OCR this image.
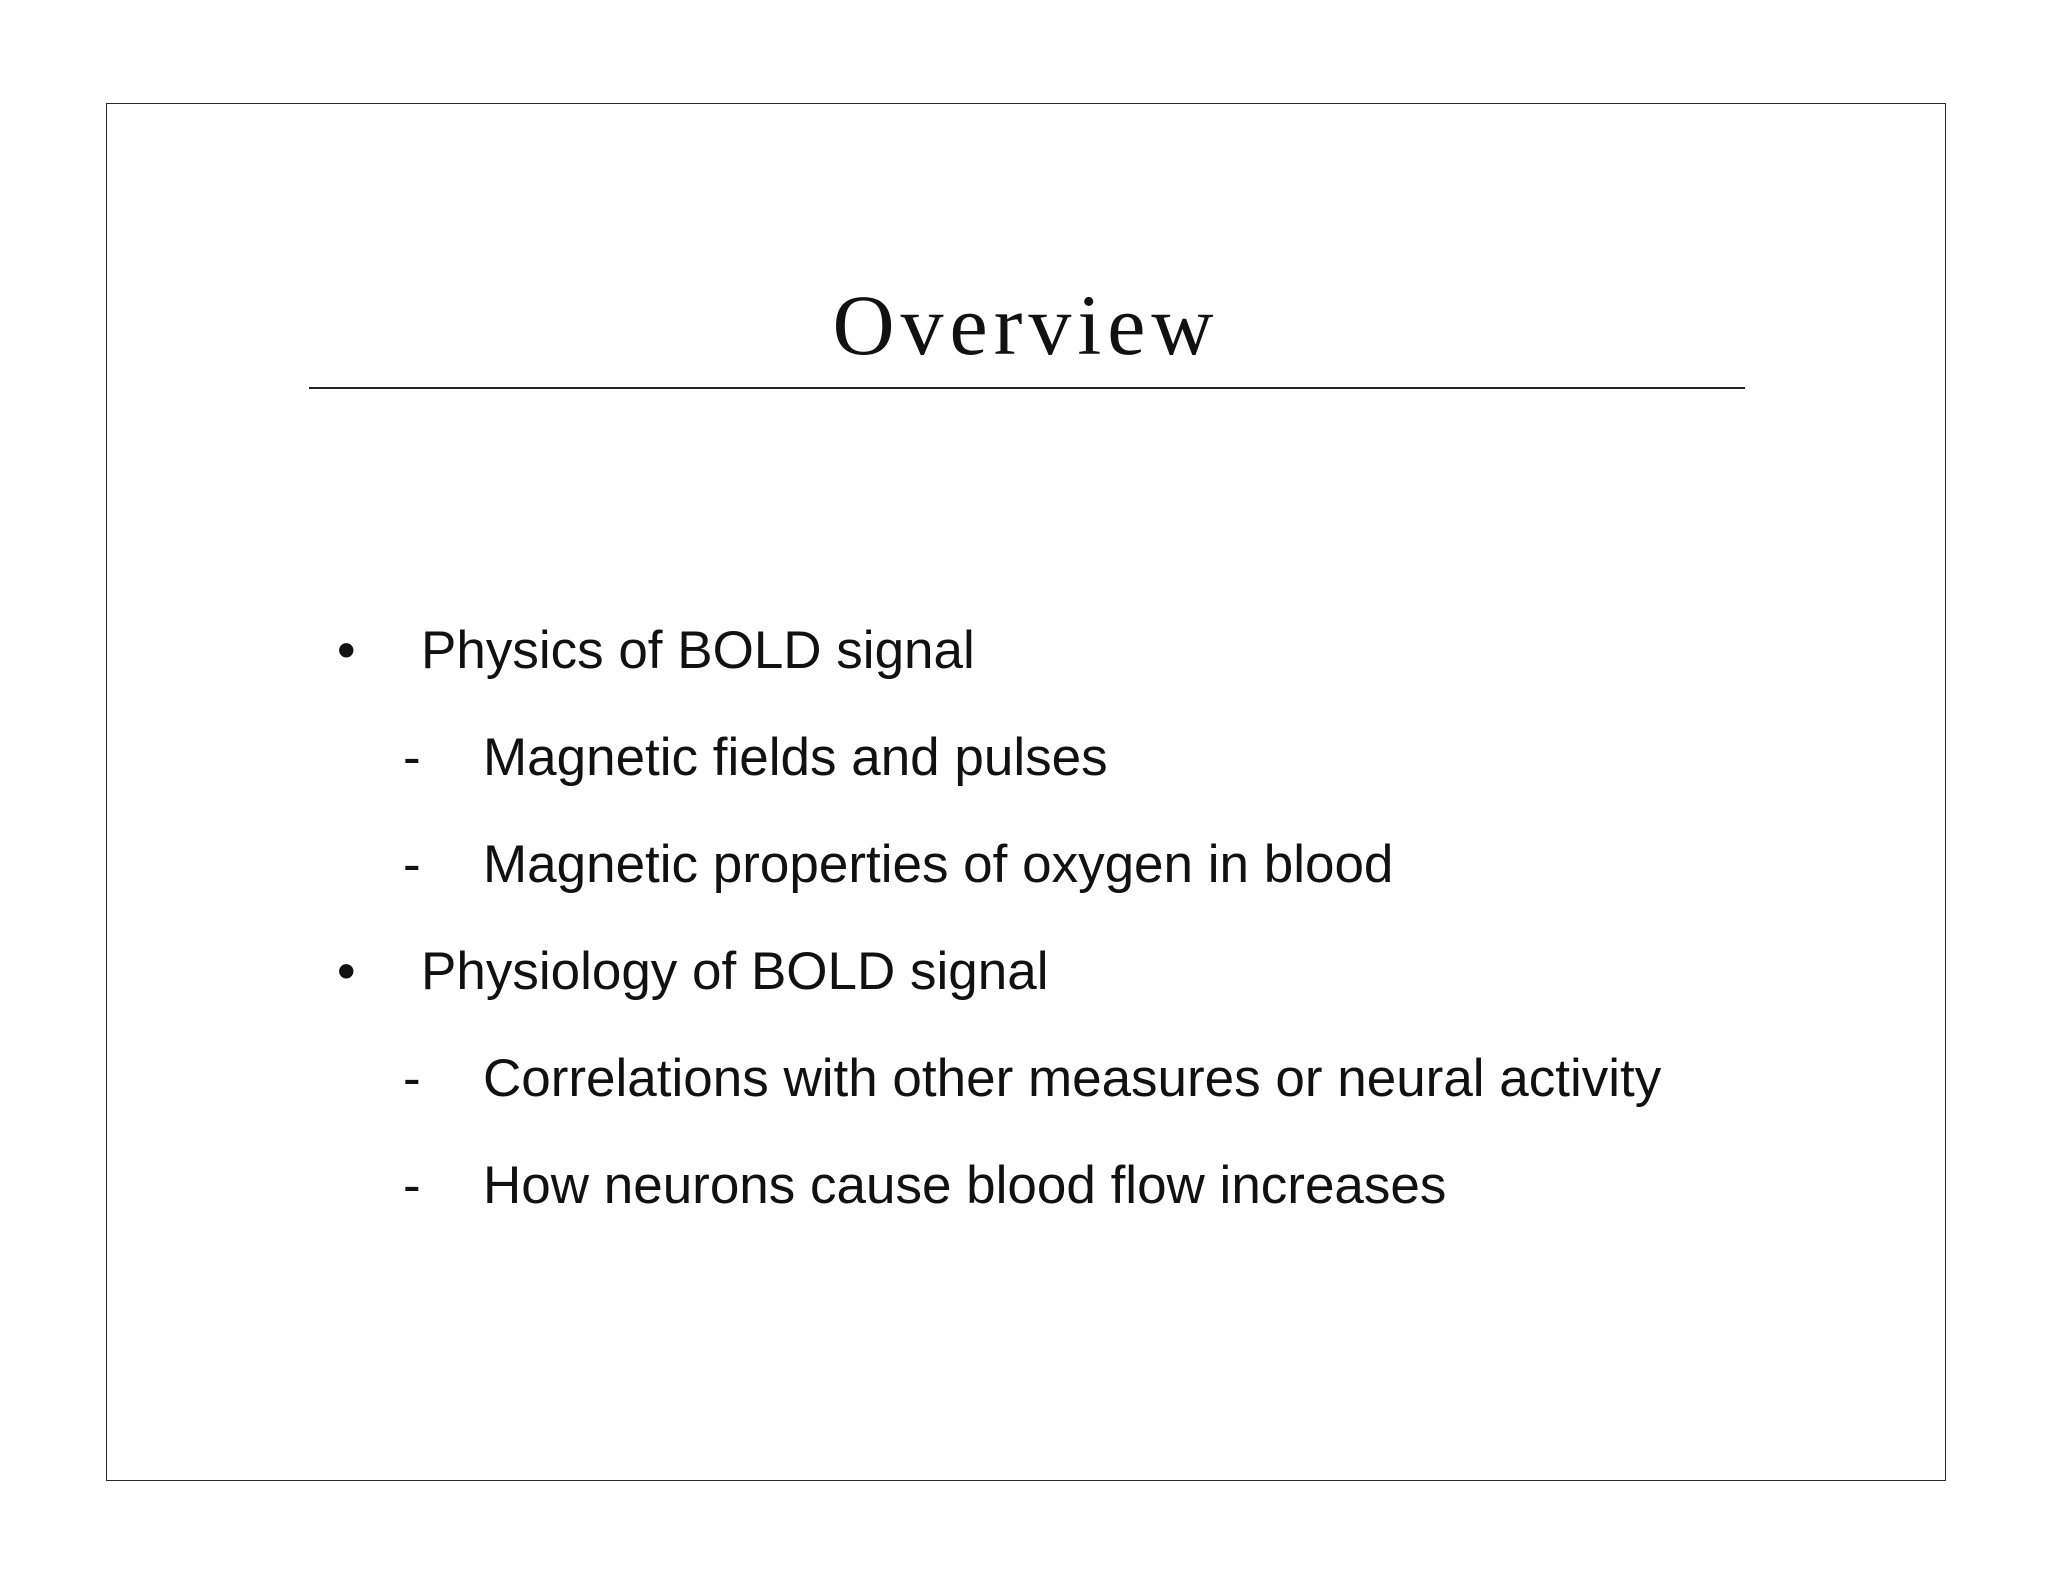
Overview
• Physics of BOLD signal
- Magnetic fields and pulses
- Magnetic properties of oxygen in blood
• Physiology of BOLD signal
- Correlations with other measures or neural activity
- How neurons cause blood flow increases
